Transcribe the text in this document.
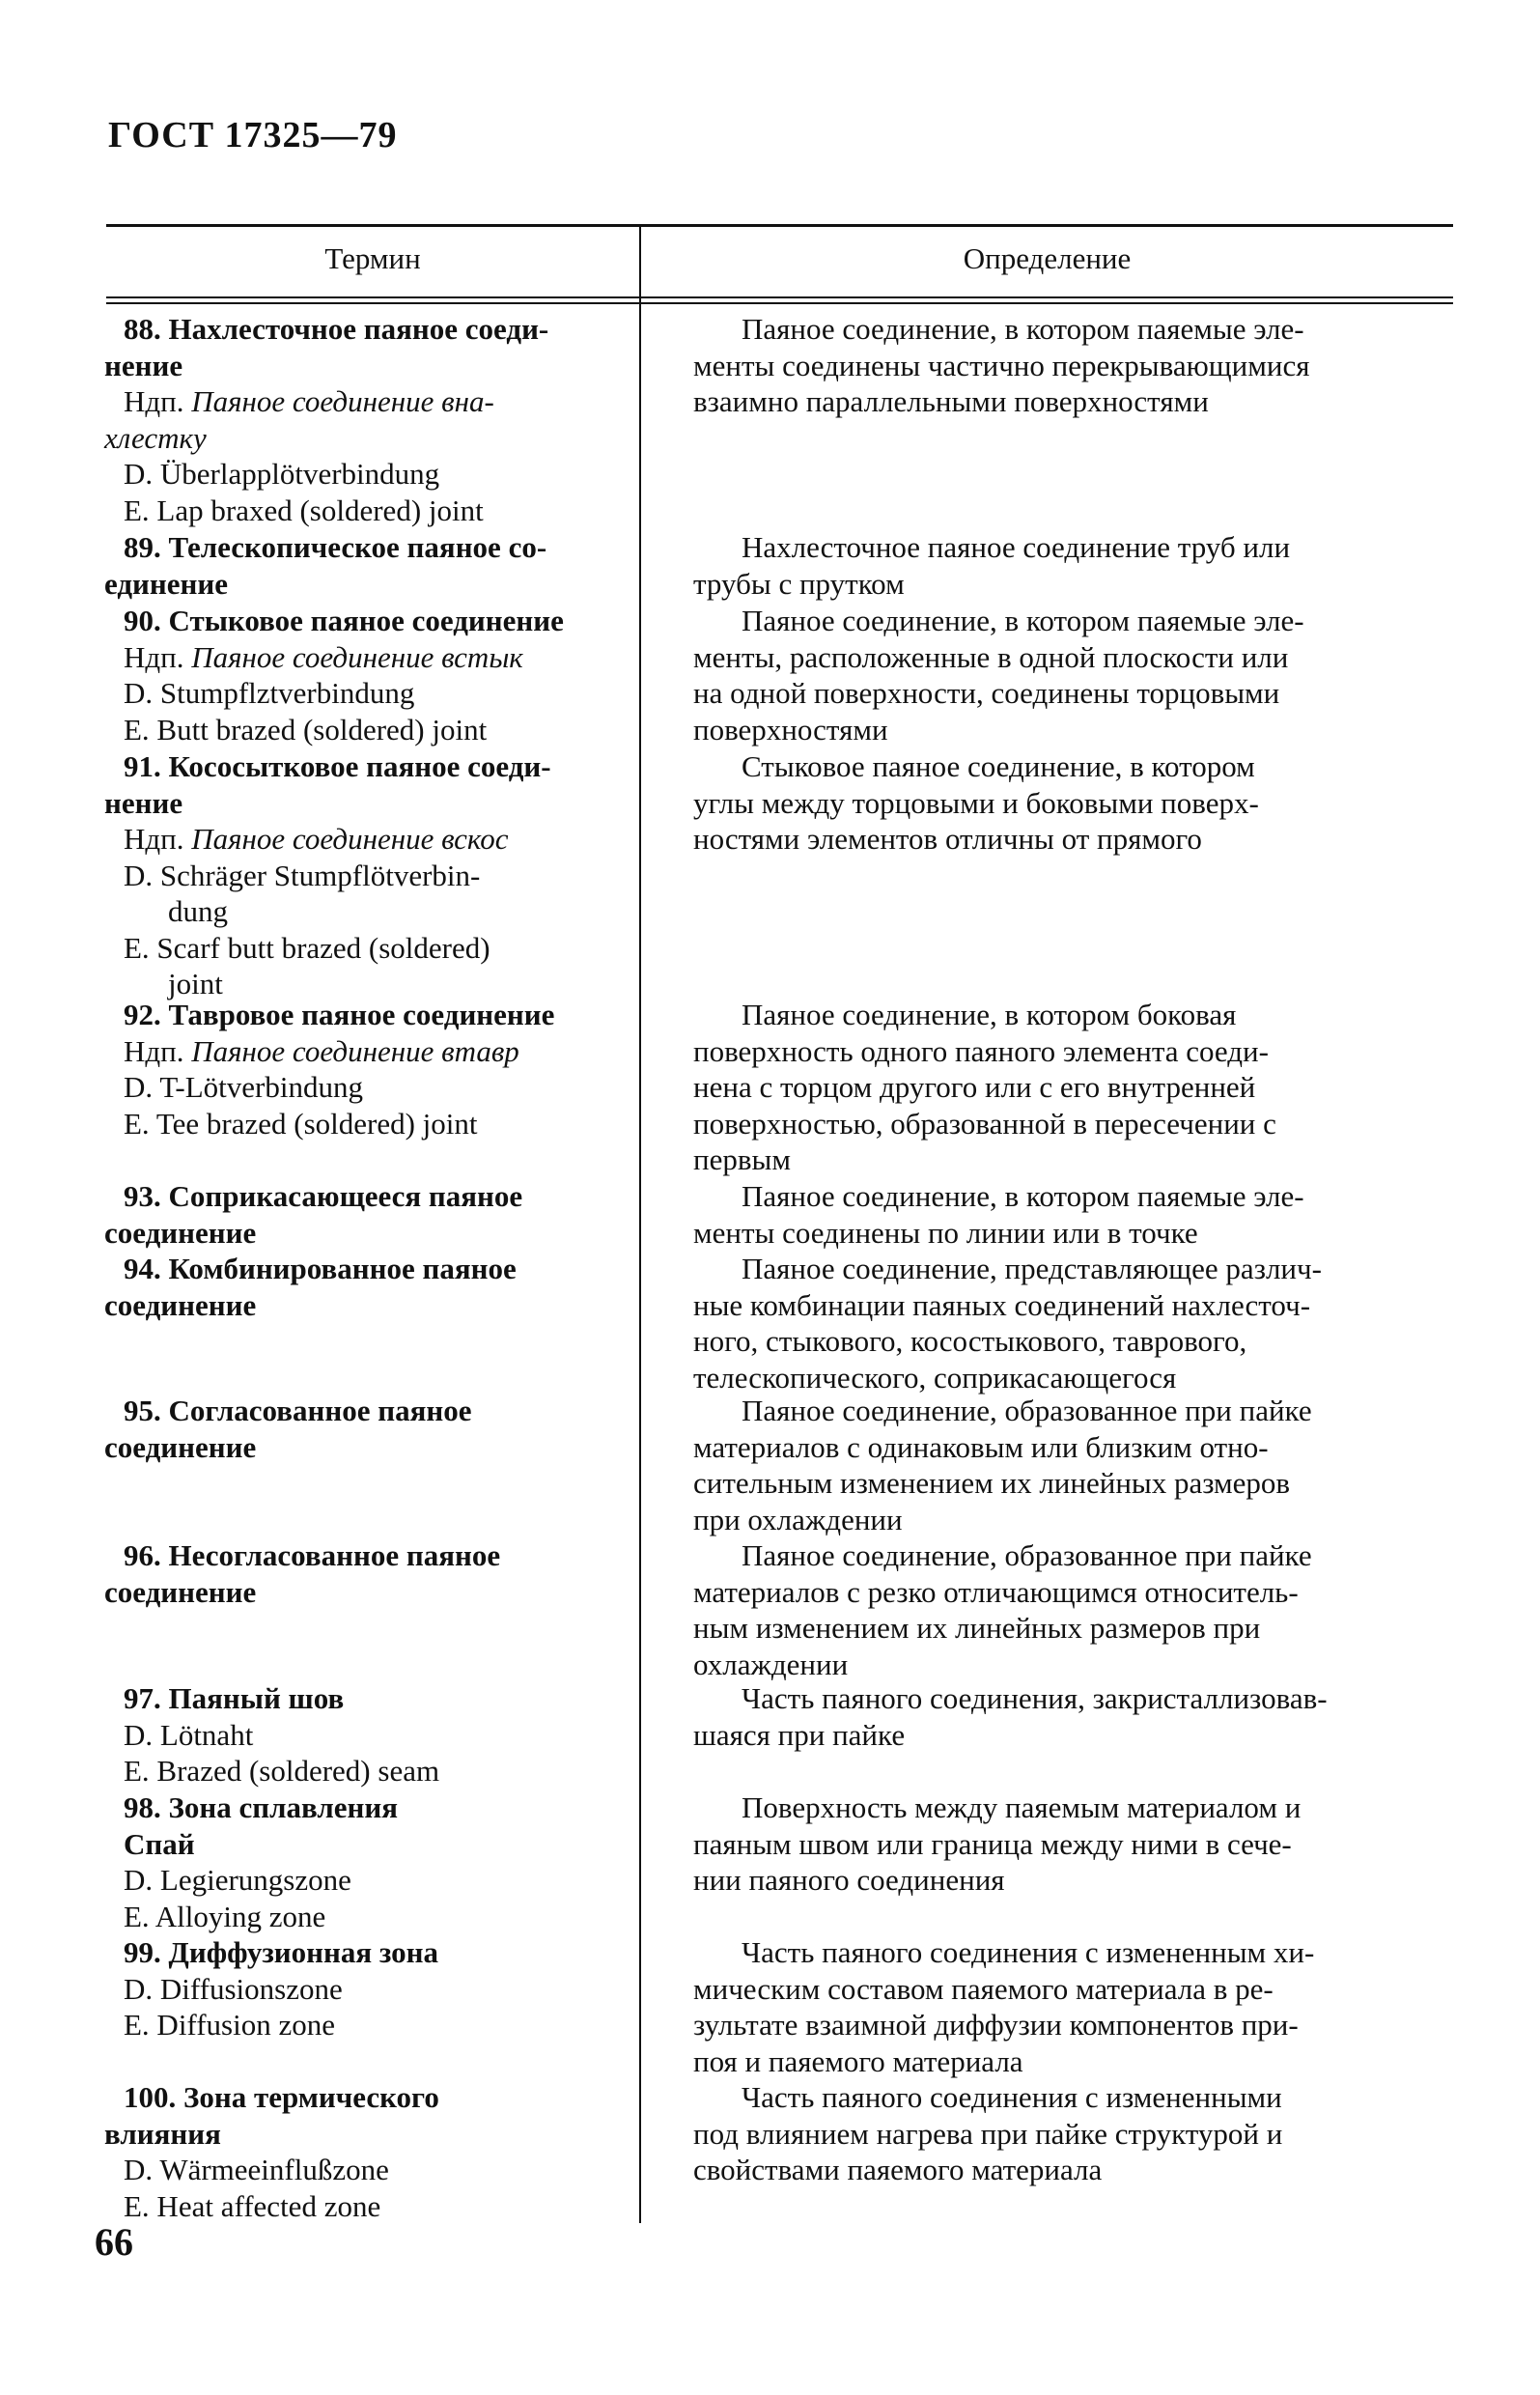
ГОСТ 17325—79
Термин	Определение
88. Нахлесточное паяное соеди-
нение
Ндп. Паяное соединение вна-
хлестку
D. Überlapplötverbindung
E. Lap braxed (soldered) joint
Паяное соединение, в котором паяемые эле-
менты соединены частично перекрывающимися
взаимно параллельными поверхностями
89. Телескопическое паяное со-
единение
Нахлесточное паяное соединение труб или
трубы с прутком
90. Стыковое паяное соединение
Ндп. Паяное соединение встык
D. Stumpflztverbindung
E. Butt brazed (soldered) joint
Паяное соединение, в котором паяемые эле-
менты, расположенные в одной плоскости или
на одной поверхности, соединены торцовыми
поверхностями
91. Кососытковое паяное соеди-
нение
Ндп. Паяное соединение вскос
D. Schräger Stumpflötverbin-
dung
E. Scarf butt brazed (soldered)
joint
Стыковое паяное соединение, в котором
углы между торцовыми и боковыми поверх-
ностями элементов отличны от прямого
92. Тавровое паяное соединение
Ндп. Паяное соединение втавр
D. T-Lötverbindung
E. Tee brazed (soldered) joint
Паяное соединение, в котором боковая
поверхность одного паяного элемента соеди-
нена с торцом другого или с его внутренней
поверхностью, образованной в пересечении с
первым
93. Соприкасающееся паяное
соединение
Паяное соединение, в котором паяемые эле-
менты соединены по линии или в точке
94. Комбинированное паяное
соединение
Паяное соединение, представляющее различ-
ные комбинации паяных соединений нахлесточ-
ного, стыкового, косостыкового, таврового,
телескопического, соприкасающегося
95. Согласованное паяное
соединение
Паяное соединение, образованное при пайке
материалов с одинаковым или близким отно-
сительным изменением их линейных размеров
при охлаждении
96. Несогласованное паяное
соединение
Паяное соединение, образованное при пайке
материалов с резко отличающимся относитель-
ным изменением их линейных размеров при
охлаждении
97. Паяный шов
D. Lötnaht
E. Brazed (soldered) seam
Часть паяного соединения, закристаллизовав-
шаяся при пайке
98. Зона сплавления
Спай
D. Legierungszone
E. Alloying zone
Поверхность между паяемым материалом и
паяным швом или граница между ними в сече-
нии паяного соединения
99. Диффузионная зона
D. Diffusionszone
E. Diffusion zone
Часть паяного соединения с измененным хи-
мическим составом паяемого материала в ре-
зультате взаимной диффузии компонентов при-
поя и паяемого материала
100. Зона термического
влияния
D. Wärmeeinflußzone
E. Heat affected zone
Часть паяного соединения с измененными
под влиянием нагрева при пайке структурой и
свойствами паяемого материала
66
